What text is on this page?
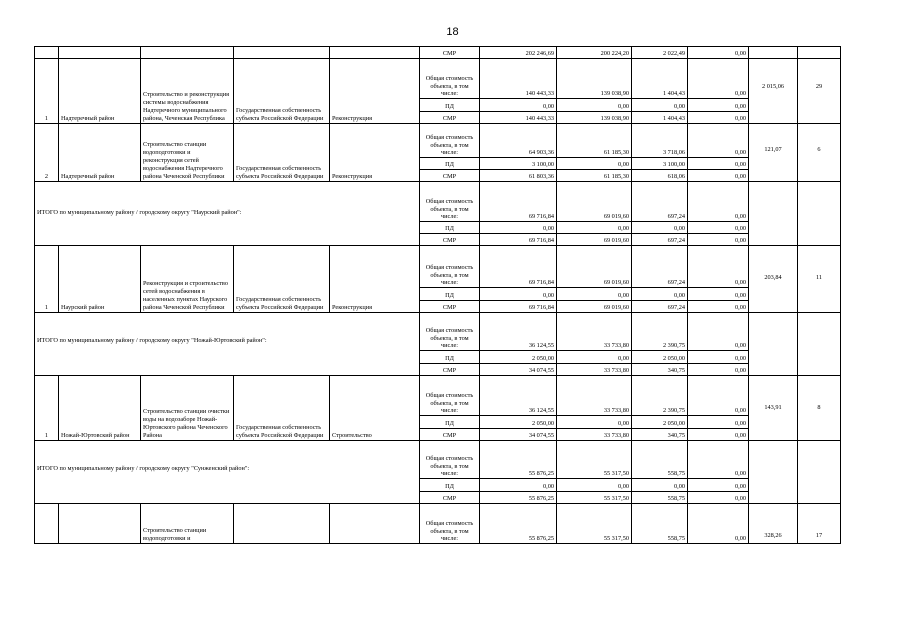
18
					СМР	202 246,69	200 224,20	2 022,49	0,00		
1	Надтеречный район	Строительство и реконструкция системы водоснабжения Надтеречного муниципального района, Чеченская Республика	Государственная собственность субъекта Российской Федерации	Реконструкция	Общая стоимость объекта, в том числе:	140 443,33	139 038,90	1 404,43	0,00	2 015,06	29
					ПД	0,00	0,00	0,00	0,00		
					СМР	140 443,33	139 038,90	1 404,43	0,00		
2	Надтеречный район	Строительство станции водоподготовки и реконструкция сетей водоснабжения Надтеречного района Чеченской Республики	Государственная собственность субъекта Российской Федерации	Реконструкция	Общая стоимость объекта, в том числе:	64 903,36	61 185,30	3 718,06	0,00	121,07	6
					ПД	3 100,00	0,00	3 100,00	0,00		
					СМР	61 803,36	61 185,30	618,06	0,00		
ИТОГО по муниципальному району / городскому округу "Наурский район":					Общая стоимость объекта, в том числе:	69 716,84	69 019,60	697,24	0,00		
					ПД	0,00	0,00	0,00	0,00		
					СМР	69 716,84	69 019,60	697,24	0,00		
1	Наурский район	Реконструкция и строительство сетей водоснабжения в населенных пунктах Наурского района Чеченской Республики	Государственная собственность субъекта Российской Федерации	Реконструкция	Общая стоимость объекта, в том числе:	69 716,84	69 019,60	697,24	0,00	203,84	11
					ПД	0,00	0,00	0,00	0,00		
					СМР	69 716,84	69 019,60	697,24	0,00		
ИТОГО по муниципальному району / городскому округу "Ножай-Юртовский район":					Общая стоимость объекта, в том числе:	36 124,55	33 733,80	2 390,75	0,00		
					ПД	2 050,00	0,00	2 050,00	0,00		
					СМР	34 074,55	33 733,80	340,75	0,00		
1	Ножай-Юртовский район	Строительство станции очистки воды на водозаборе Ножай-Юртовского района Чеченского Района	Государственная собственность субъекта Российской Федерации	Строительство	Общая стоимость объекта, в том числе:	36 124,55	33 733,80	2 390,75	0,00	143,91	8
					ПД	2 050,00	0,00	2 050,00	0,00		
					СМР	34 074,55	33 733,80	340,75	0,00		
ИТОГО по муниципальному району / городскому округу "Сунженский район":					Общая стоимость объекта, в том числе:	55 876,25	55 317,50	558,75	0,00		
					ПД	0,00	0,00	0,00	0,00		
					СМР	55 876,25	55 317,50	558,75	0,00		
		Строительство станции водоподготовки и			Общая стоимость объекта, в том числе:	55 876,25	55 317,50	558,75	0,00	328,26	17
